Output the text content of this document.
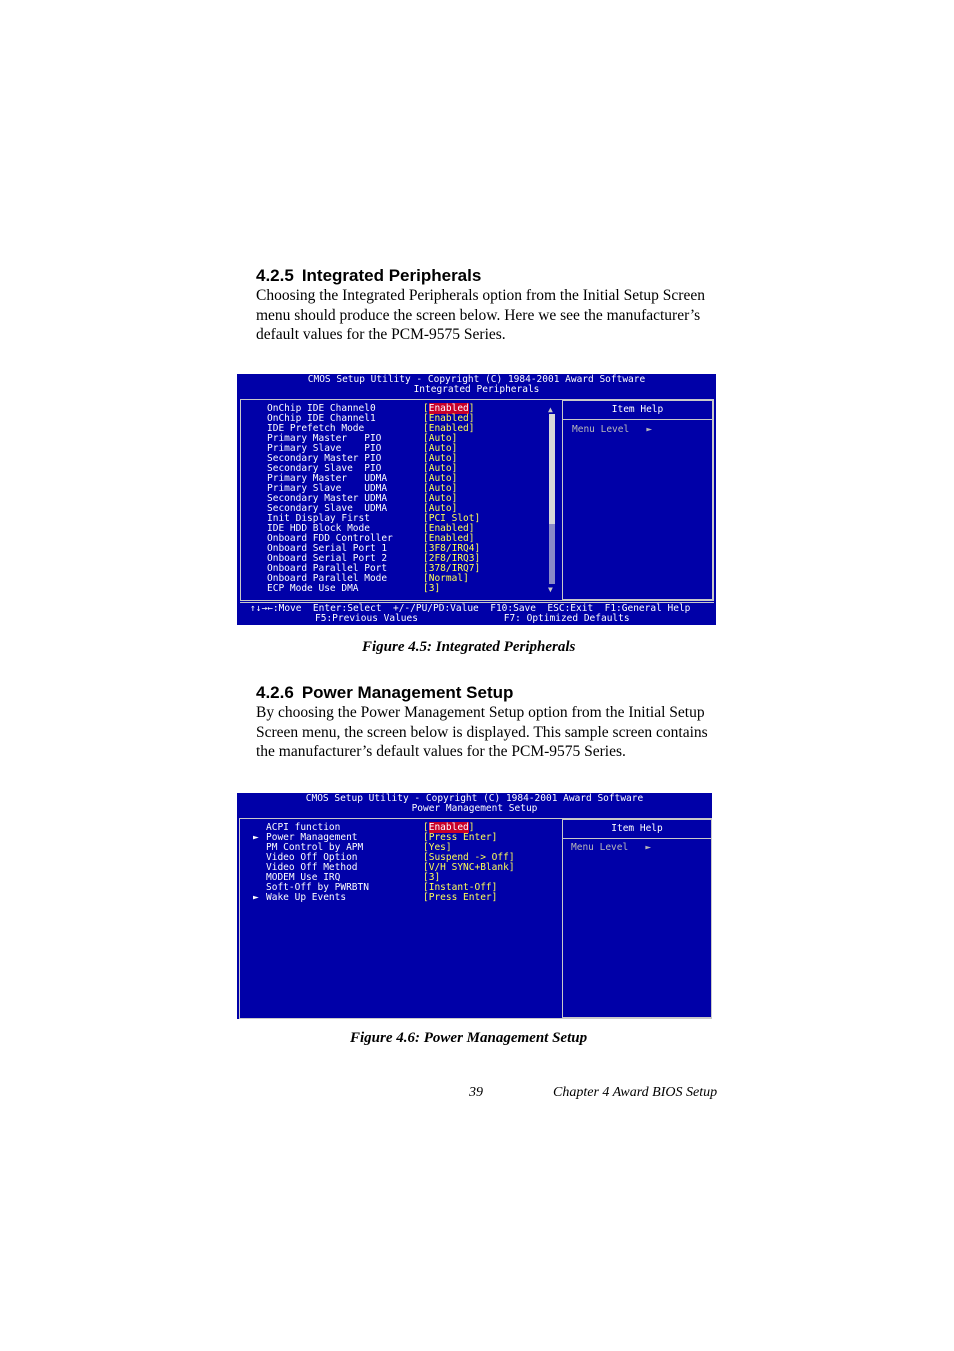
4.2.5 Integrated Peripherals

Choosing the Integrated Peripherals option from the Initial Setup Screen

menu should produce the screen below. Here we see the manufacturer’s

default values for the PCM-9575 Series.

CMOS Setup Utility - Copyright (C) 1984-2001 Award Software
Integrated Peripherals
Item Help
Menu Level   ►
▲
▼
OnChip IDE Channel0	[Enabled]
OnChip IDE Channel1	[Enabled]
IDE Prefetch Mode	[Enabled]
Primary Master   PIO	[Auto]
Primary Slave    PIO	[Auto]
Secondary Master PIO	[Auto]
Secondary Slave  PIO	[Auto]
Primary Master   UDMA	[Auto]
Primary Slave    UDMA	[Auto]
Secondary Master UDMA	[Auto]
Secondary Slave  UDMA	[Auto]
Init Display First	[PCI Slot]
IDE HDD Block Mode	[Enabled]
Onboard FDD Controller	[Enabled]
Onboard Serial Port 1	[3F8/IRQ4]
Onboard Serial Port 2	[2F8/IRQ3]
Onboard Parallel Port	[378/IRQ7]
Onboard Parallel Mode	[Normal]
ECP Mode Use DMA	[3]
↑↓→←:Move  Enter:Select  +/-/PU/PD:Value  F10:Save  ESC:Exit  F1:General Help
F5:Previous Values               F7: Optimized Defaults
Figure 4.5: Integrated Peripherals
4.2.6 Power Management Setup

By choosing the Power Management Setup option from the Initial Setup

Screen menu, the screen below is displayed. This sample screen contains

the manufacturer’s default values for the PCM-9575 Series.

CMOS Setup Utility - Copyright (C) 1984-2001 Award Software
Power Management Setup
Item Help
Menu Level   ►
ACPI function	[Enabled]
► Power Management	[Press Enter]
PM Control by APM	[Yes]
Video Off Option	[Suspend -> Off]
Video Off Method	[V/H SYNC+Blank]
MODEM Use IRQ	[3]
Soft-Off by PWRBTN	[Instant-Off]
► Wake Up Events	[Press Enter]
Figure 4.6: Power Management Setup
39	Chapter 4 Award BIOS Setup
